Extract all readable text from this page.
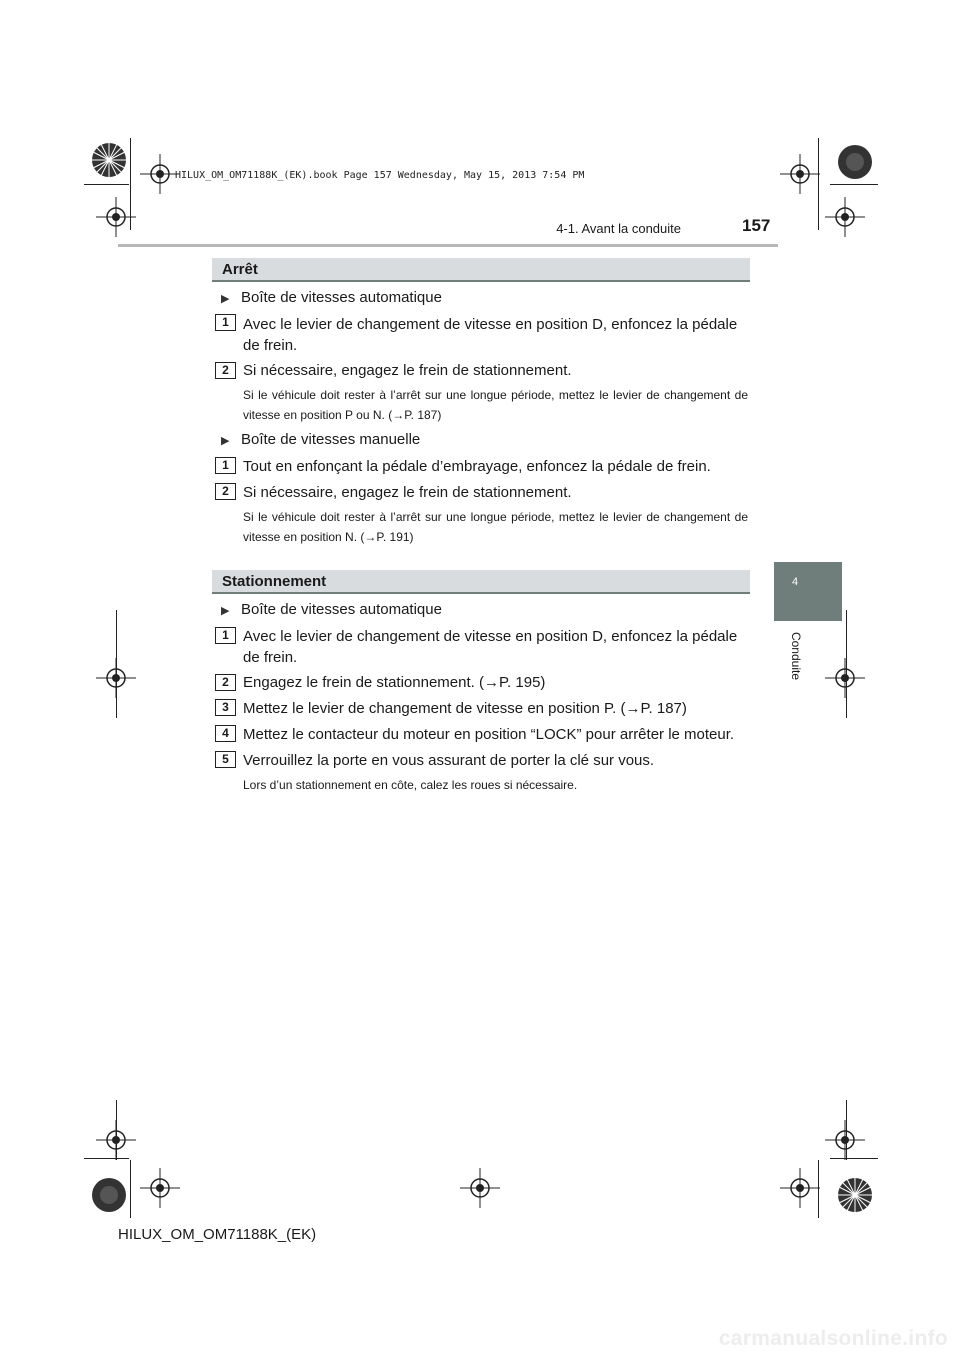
HILUX_OM_OM71188K_(EK).book Page 157 Wednesday, May 15, 2013 7:54 PM
4-1. Avant la conduite	157
4
Conduite
Arrêt
▶ Boîte de vitesses automatique
1 Avec le levier de changement de vitesse en position D, enfoncez la pédale de frein.
2 Si nécessaire, engagez le frein de stationnement.
Si le véhicule doit rester à l’arrêt sur une longue période, mettez le levier de changement de vitesse en position P ou N. (→P. 187)
▶ Boîte de vitesses manuelle
1 Tout en enfonçant la pédale d’embrayage, enfoncez la pédale de frein.
2 Si nécessaire, engagez le frein de stationnement.
Si le véhicule doit rester à l’arrêt sur une longue période, mettez le levier de changement de vitesse en position N. (→P. 191)
Stationnement
▶ Boîte de vitesses automatique
1 Avec le levier de changement de vitesse en position D, enfoncez la pédale de frein.
2 Engagez le frein de stationnement. (→P. 195)
3 Mettez le levier de changement de vitesse en position P. (→P. 187)
4 Mettez le contacteur du moteur en position “LOCK” pour arrêter le moteur.
5 Verrouillez la porte en vous assurant de porter la clé sur vous.
Lors d’un stationnement en côte, calez les roues si nécessaire.
HILUX_OM_OM71188K_(EK)
carmanualsonline.info
